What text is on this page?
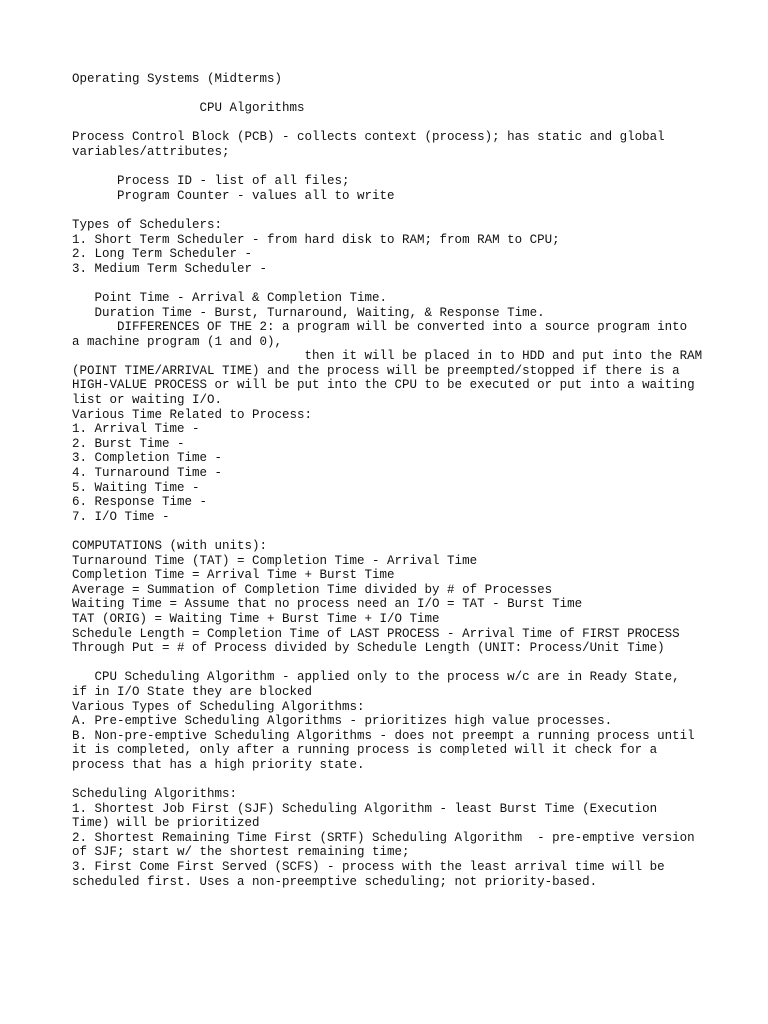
Operating Systems (Midterms)
CPU Algorithms
Process Control Block (PCB) - collects context (process); has static and global
variables/attributes;
Process ID - list of all files;
Program Counter - values all to write
Types of Schedulers:
1. Short Term Scheduler - from hard disk to RAM; from RAM to CPU;
2. Long Term Scheduler -
3. Medium Term Scheduler -
Point Time - Arrival & Completion Time.
Duration Time - Burst, Turnaround, Waiting, & Response Time.
DIFFERENCES OF THE 2: a program will be converted into a source program into
a machine program (1 and 0),
then it will be placed in to HDD and put into the RAM
(POINT TIME/ARRIVAL TIME) and the process will be preempted/stopped if there is a
HIGH-VALUE PROCESS or will be put into the CPU to be executed or put into a waiting
list or waiting I/O.
Various Time Related to Process:
1. Arrival Time -
2. Burst Time -
3. Completion Time -
4. Turnaround Time -
5. Waiting Time -
6. Response Time -
7. I/O Time -
COMPUTATIONS (with units):
Turnaround Time (TAT) = Completion Time - Arrival Time
Completion Time = Arrival Time + Burst Time
Average = Summation of Completion Time divided by # of Processes
Waiting Time = Assume that no process need an I/O = TAT - Burst Time
TAT (ORIG) = Waiting Time + Burst Time + I/O Time
Schedule Length = Completion Time of LAST PROCESS - Arrival Time of FIRST PROCESS
Through Put = # of Process divided by Schedule Length (UNIT: Process/Unit Time)
CPU Scheduling Algorithm - applied only to the process w/c are in Ready State,
if in I/O State they are blocked
Various Types of Scheduling Algorithms:
A. Pre-emptive Scheduling Algorithms - prioritizes high value processes.
B. Non-pre-emptive Scheduling Algorithms - does not preempt a running process until
it is completed, only after a running process is completed will it check for a
process that has a high priority state.
Scheduling Algorithms:
1. Shortest Job First (SJF) Scheduling Algorithm - least Burst Time (Execution
Time) will be prioritized
2. Shortest Remaining Time First (SRTF) Scheduling Algorithm  - pre-emptive version
of SJF; start w/ the shortest remaining time;
3. First Come First Served (SCFS) - process with the least arrival time will be
scheduled first. Uses a non-preemptive scheduling; not priority-based.
